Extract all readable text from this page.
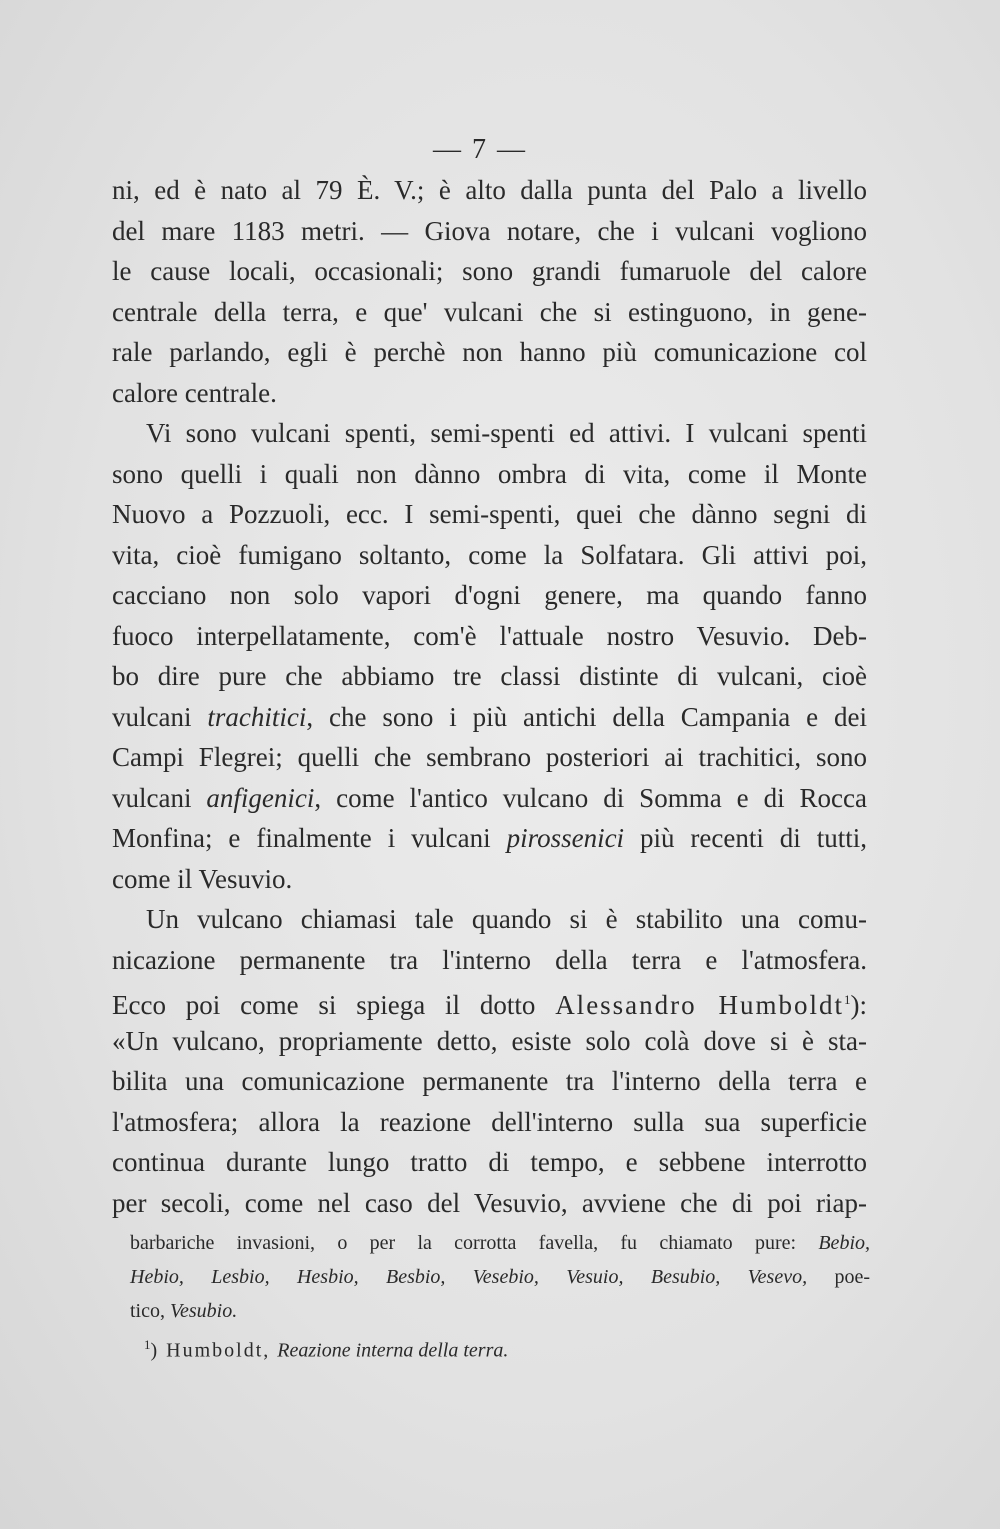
— 7 —
ni, ed è nato al 79 È. V.; è alto dalla punta del Palo a livello
del mare 1183 metri. — Giova notare, che i vulcani vogliono
le cause locali, occasionali; sono grandi fumaruole del calore
centrale della terra, e que' vulcani che si estinguono, in gene-
rale parlando, egli è perchè non hanno più comunicazione col
calore centrale.
Vi sono vulcani spenti, semi-spenti ed attivi. I vulcani spenti
sono quelli i quali non dànno ombra di vita, come il Monte
Nuovo a Pozzuoli, ecc. I semi-spenti, quei che dànno segni di
vita, cioè fumigano soltanto, come la Solfatara. Gli attivi poi,
cacciano non solo vapori d'ogni genere, ma quando fanno
fuoco interpellatamente, com'è l'attuale nostro Vesuvio. Deb-
bo dire pure che abbiamo tre classi distinte di vulcani, cioè
vulcani trachitici, che sono i più antichi della Campania e dei
Campi Flegrei; quelli che sembrano posteriori ai trachitici, sono
vulcani anfigenici, come l'antico vulcano di Somma e di Rocca
Monfina; e finalmente i vulcani pirossenici più recenti di tutti,
come il Vesuvio.
Un vulcano chiamasi tale quando si è stabilito una comu-
nicazione permanente tra l'interno della terra e l'atmosfera.
Ecco poi come si spiega il dotto Alessandro Humboldt$^1$):
«Un vulcano, propriamente detto, esiste solo colà dove si è sta-
bilita una comunicazione permanente tra l'interno della terra e
l'atmosfera; allora la reazione dell'interno sulla sua superficie
continua durante lungo tratto di tempo, e sebbene interrotto
per secoli, come nel caso del Vesuvio, avviene che di poi riap-
barbariche invasioni, o per la corrotta favella, fu chiamato pure: Bebio,
Hebio, Lesbio, Hesbio, Besbio, Vesebio, Vesuio, Besubio, Vesevo, poe-
tico, Vesubio.
$^1$) Humboldt, Reazione interna della terra.
